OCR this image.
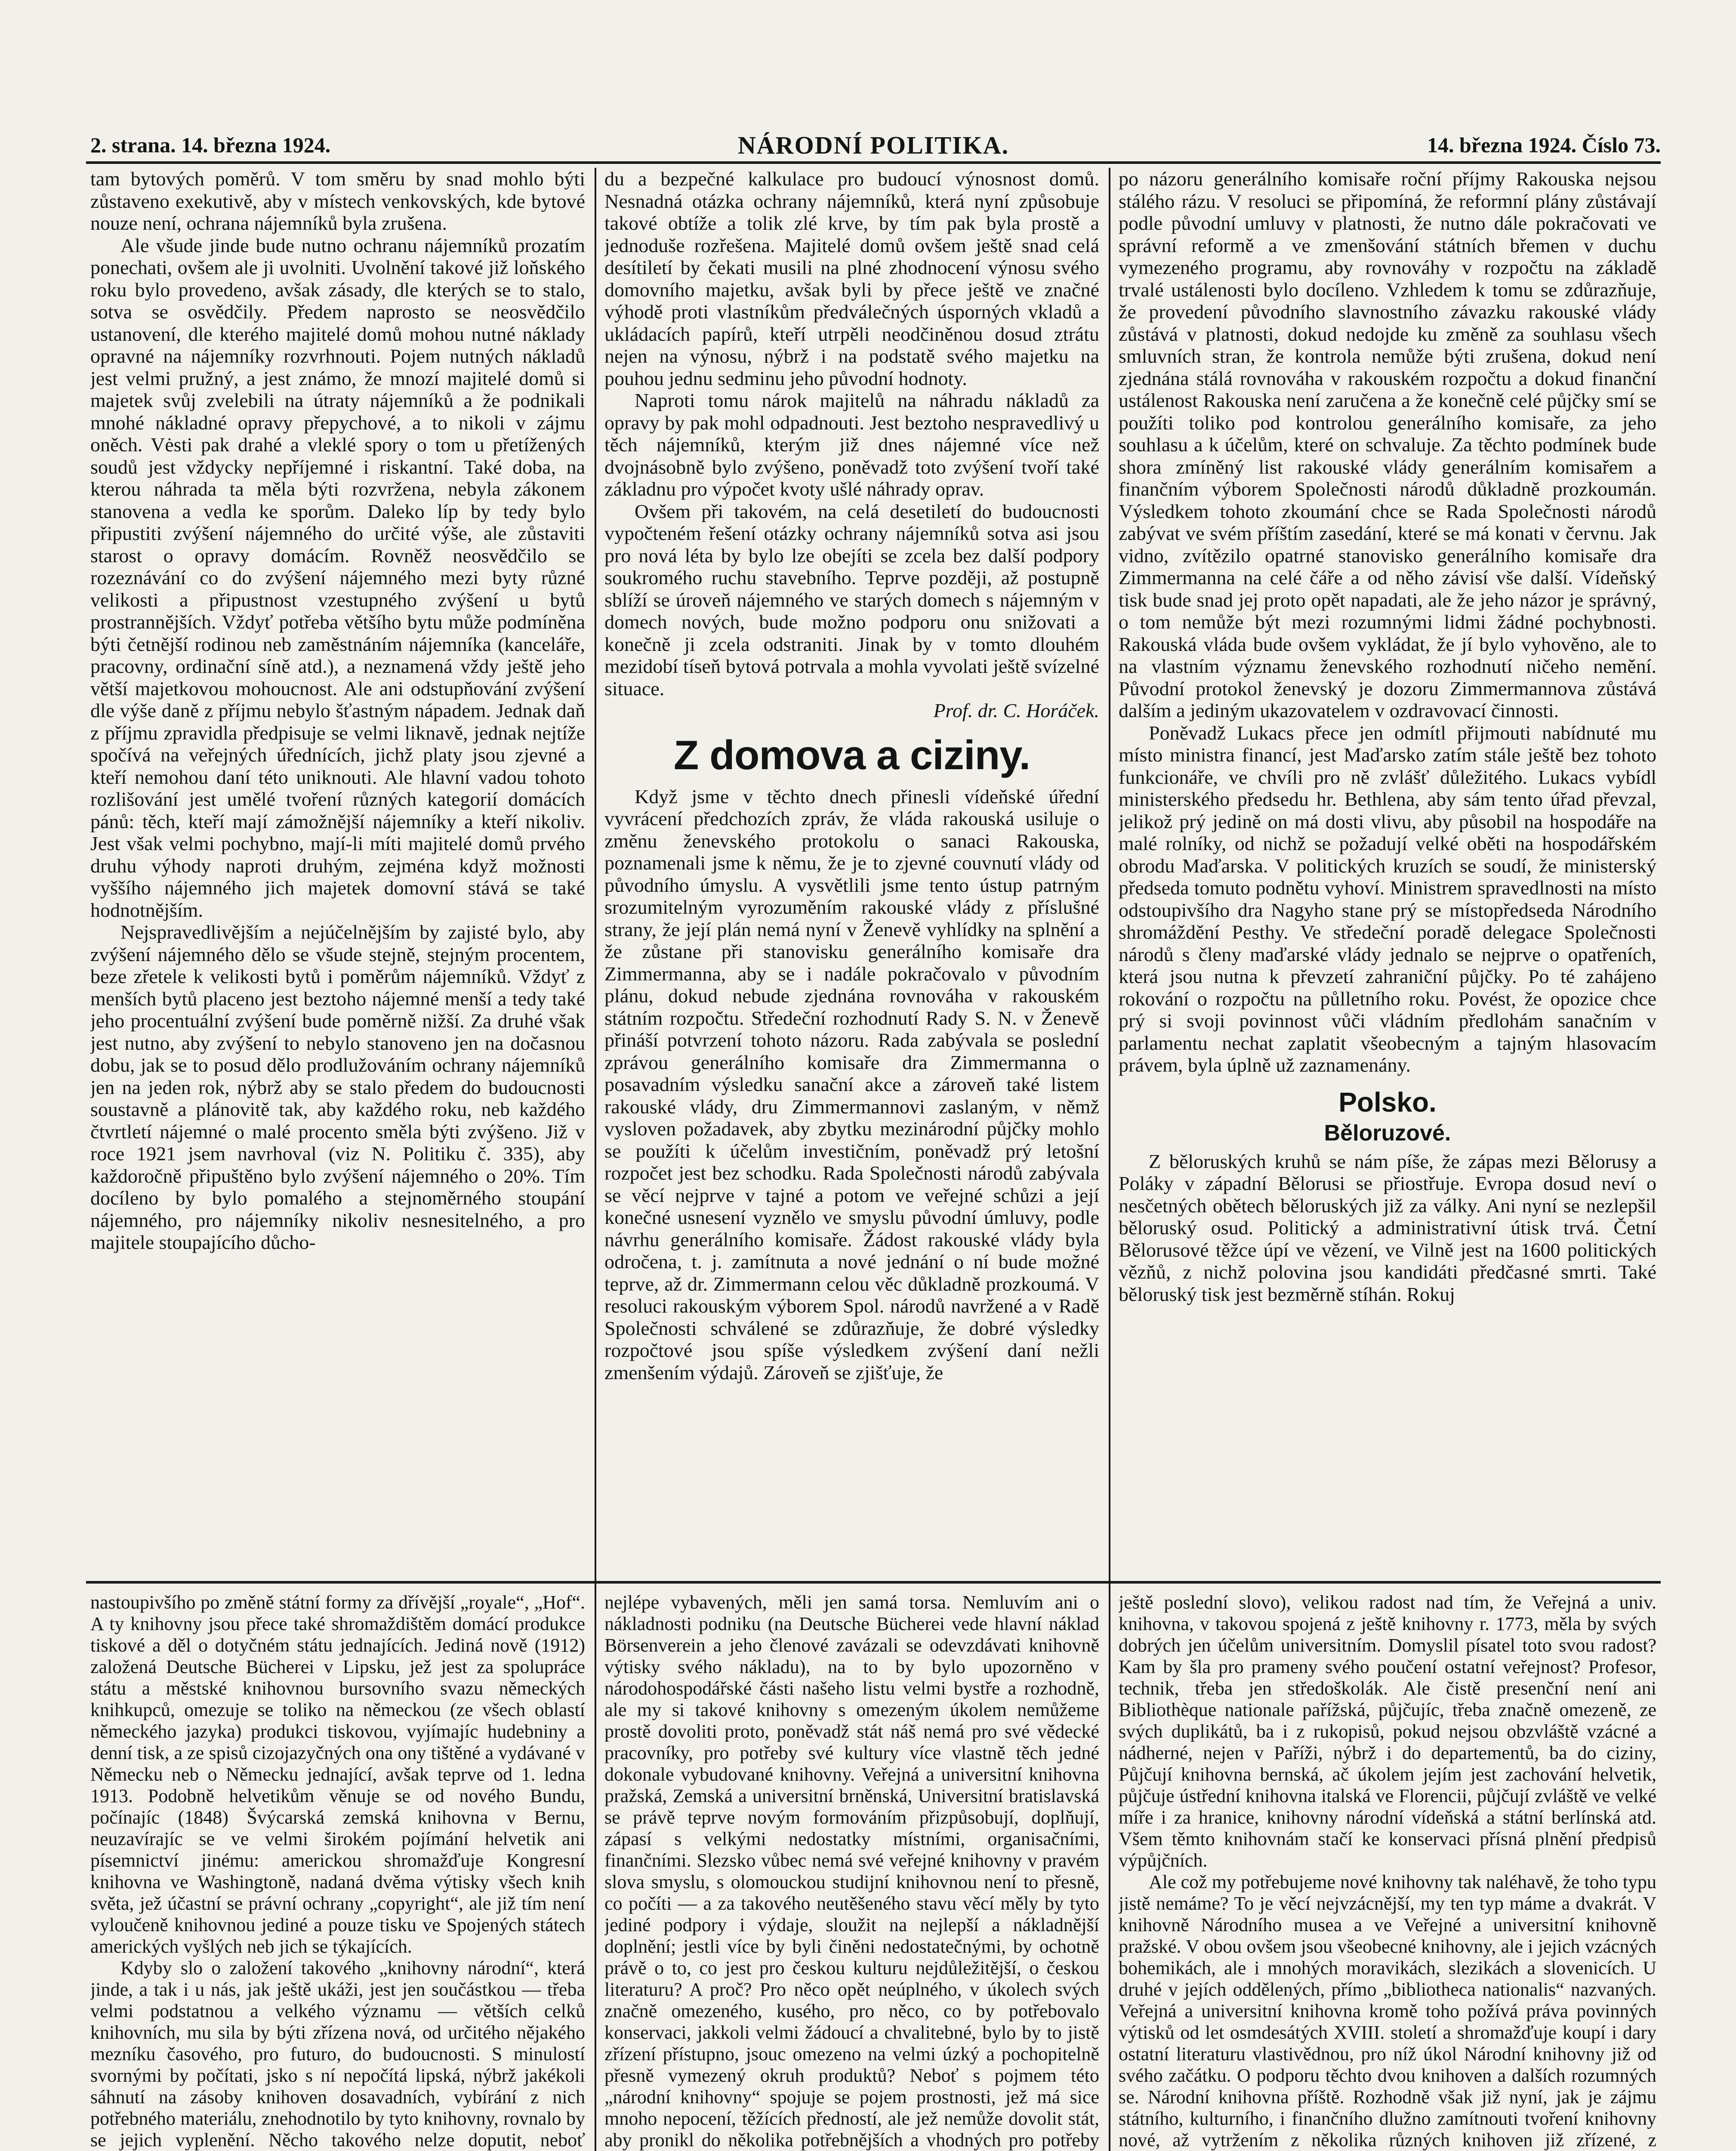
2. strana. 14. března 1924.	NÁRODNÍ POLITIKA.	14. března 1924. Číslo 73.

tam bytových poměrů. V tom směru by snad mohlo býti zůstaveno exekutivě, aby v místech venkovských, kde bytové nouze není, ochrana nájemníků byla zrušena.

Ale všude jinde bude nutno ochranu nájemníků prozatím ponechati, ovšem ale ji uvolniti. Uvolnění takové již loňského roku bylo provedeno, avšak zásady, dle kterých se to stalo, sotva se osvědčily. Předem naprosto se neosvědčilo ustanovení, dle kterého majitelé domů mohou nutné náklady opravné na nájemníky rozvrhnouti. Pojem nutných nákladů jest velmi pružný, a jest známo, že mnozí majitelé domů si majetek svůj zvelebili na útraty nájemníků a že podnikali mnohé nákladné opravy přepychové, a to nikoli v zájmu oněch. Vėsti pak drahé a vleklé spory o tom u přetížených soudů jest vždycky nepříjemné i riskantní. Také doba, na kterou náhrada ta měla býti rozvržena, nebyla zákonem stanovena a vedla ke sporům. Daleko líp by tedy bylo připustiti zvýšení nájemného do určité výše, ale zůstaviti starost o opravy domácím. Rovněž neosvědčilo se rozeznávání co do zvýšení nájemného mezi byty různé velikosti a připustnost vzestupného zvýšení u bytů prostrannějších. Vždyť potřeba většího bytu může podmíněna býti četnější rodinou neb zaměstnáním nájemníka (kanceláře, pracovny, ordinační síně atd.), a neznamená vždy ještě jeho větší majetkovou mohoucnost. Ale ani odstupňování zvýšení dle výše daně z příjmu nebylo šťastným nápadem. Jednak daň z příjmu zpravidla předpisuje se velmi liknavě, jednak nejtíže spočívá na veřejných úřednících, jichž platy jsou zjevné a kteří nemohou daní této uniknouti. Ale hlavní vadou tohoto rozlišování jest umělé tvoření různých kategorií domácích pánů: těch, kteří mají zámožnější nájemníky a kteří nikoliv. Jest však velmi pochybno, mají-li míti majitelé domů prvého druhu výhody naproti druhým, zejména když možnosti vyššího nájemného jich majetek domovní stává se také hodnotnějším.

Nejspravedlivějším a nejúčelnějším by zajisté bylo, aby zvýšení nájemného dělo se všude stejně, stejným procentem, beze zřetele k velikosti bytů i poměrům nájemníků. Vždyť z menších bytů placeno jest beztoho nájemné menší a tedy také jeho procentuální zvýšení bude poměrně nižší. Za druhé však jest nutno, aby zvýšení to nebylo stanoveno jen na dočasnou dobu, jak se to posud dělo prodlužováním ochrany nájemníků jen na jeden rok, nýbrž aby se stalo předem do budoucnosti soustavně a plánovitě tak, aby každého roku, neb každého čtvrtletí nájemné o malé procento směla býti zvýšeno. Již v roce 1921 jsem navrhoval (viz N. Politiku č. 335), aby každoročně připuštěno bylo zvýšení nájemného o 20%. Tím docíleno by bylo pomalého a stejnoměrného stoupání nájemného, pro nájemníky nikoliv nesnesitelného, a pro majitele stoupajícího důcho-

du a bezpečné kalkulace pro budoucí výnosnost domů. Nesnadná otázka ochrany nájemníků, která nyní způsobuje takové obtíže a tolik zlé krve, by tím pak byla prostě a jednoduše rozřešena. Majitelé domů ovšem ještě snad celá desítiletí by čekati musili na plné zhodnocení výnosu svého domovního majetku, avšak byli by přece ještě ve značné výhodě proti vlastníkům předválečných úsporných vkladů a ukládacích papírů, kteří utrpěli neodčiněnou dosud ztrátu nejen na výnosu, nýbrž i na podstatě svého majetku na pouhou jednu sedminu jeho původní hodnoty.

Naproti tomu nárok majitelů na náhradu nákladů za opravy by pak mohl odpadnouti. Jest beztoho nespravedlivý u těch nájemníků, kterým již dnes nájemné více než dvojnásobně bylo zvýšeno, poněvadž toto zvýšení tvoří také základnu pro výpočet kvoty ušlé náhrady oprav.

Ovšem při takovém, na celá desetiletí do budoucnosti vypočteném řešení otázky ochrany nájemníků sotva asi jsou pro nová léta by bylo lze obejíti se zcela bez další podpory soukromého ruchu stavebního. Teprve později, až postupně sblíží se úroveň nájemného ve starých domech s nájemným v domech nových, bude možno podporu onu snižovati a konečně ji zcela odstraniti. Jinak by v tomto dlouhém mezidobí tíseň bytová potrvala a mohla vyvolati ještě svízelné situace.

Prof. dr. C. Horáček.
Z domova a ciziny.

Když jsme v těchto dnech přinesli vídeňské úřední vyvrácení předchozích zpráv, že vláda rakouská usiluje o změnu ženevského protokolu o sanaci Rakouska, poznamenali jsme k němu, že je to zjevné couvnutí vlády od původního úmyslu. A vysvětlili jsme tento ústup patrným srozumitelným vyrozuměním rakouské vlády z příslušné strany, že její plán nemá nyní v Ženevě vyhlídky na splnění a že zůstane při stanovisku generálního komisaře dra Zimmermanna, aby se i nadále pokračovalo v původním plánu, dokud nebude zjednána rovnováha v rakouském státním rozpočtu. Středeční rozhodnutí Rady S. N. v Ženevě přináší potvrzení tohoto názoru. Rada zabývala se poslední zprávou generálního komisaře dra Zimmermanna o posavadním výsledku sanační akce a zároveň také listem rakouské vlády, dru Zimmermannovi zaslaným, v němž vysloven požadavek, aby zbytku mezinárodní půjčky mohlo se použíti k účelům investičním, poněvadž prý letošní rozpočet jest bez schodku. Rada Společnosti národů zabývala se věcí nejprve v tajné a potom ve veřejné schůzi a její konečné usnesení vyznělo ve smyslu původní úmluvy, podle návrhu generálního komisaře. Žádost rakouské vlády byla odročena, t. j. zamítnuta a nové jednání o ní bude možné teprve, až dr. Zimmermann celou věc důkladně prozkoumá. V resoluci rakouským výborem Spol. národů navržené a v Radě Společnosti schválené se zdůrazňuje, že dobré výsledky rozpočtové jsou spíše výsledkem zvýšení daní nežli zmenšením výdajů. Zároveň se zjišťuje, že

po názoru generálního komisaře roční příjmy Rakouska nejsou stálého rázu. V resoluci se připomíná, že reformní plány zůstávají podle původní umluvy v platnosti, že nutno dále pokračovati ve správní reformě a ve zmenšování státních břemen v duchu vymezeného programu, aby rovnováhy v rozpočtu na základě trvalé ustálenosti bylo docíleno. Vzhledem k tomu se zdůrazňuje, že provedení původního slavnostního závazku rakouské vlády zůstává v platnosti, dokud nedojde ku změně za souhlasu všech smluvních stran, že kontrola nemůže býti zrušena, dokud není zjednána stálá rovnováha v rakouském rozpočtu a dokud finanční ustálenost Rakouska není zaručena a že konečně celé půjčky smí se použíti toliko pod kontrolou generálního komisaře, za jeho souhlasu a k účelům, které on schvaluje. Za těchto podmínek bude shora zmíněný list rakouské vlády generálním komisařem a finančním výborem Společnosti národů důkladně prozkoumán. Výsledkem tohoto zkoumání chce se Rada Společnosti národů zabývat ve svém příštím zasedání, které se má konati v červnu. Jak vidno, zvítězilo opatrné stanovisko generálního komisaře dra Zimmermanna na celé čáře a od něho závisí vše další. Vídeňský tisk bude snad jej proto opět napadati, ale že jeho názor je správný, o tom nemůže být mezi rozumnými lidmi žádné pochybnosti. Rakouská vláda bude ovšem vykládat, že jí bylo vyhověno, ale to na vlastním významu ženevského rozhodnutí ničeho nemění. Původní protokol ženevský je dozoru Zimmermannova zůstává dalším a jediným ukazovatelem v ozdravovací činnosti.

Poněvadž Lukacs přece jen odmítl přijmouti nabídnuté mu místo ministra financí, jest Maďarsko zatím stále ještě bez tohoto funkcionáře, ve chvíli pro ně zvlášť důležitého. Lukacs vybídl ministerského předsedu hr. Bethlena, aby sám tento úřad převzal, jelikož prý jedině on má dosti vlivu, aby působil na hospodáře na malé rolníky, od nichž se požadují velké oběti na hospodářském obrodu Maďarska. V politických kruzích se soudí, že ministerský předseda tomuto podnětu vyhoví. Ministrem spravedlnosti na místo odstoupivšího dra Nagyho stane prý se místopředseda Národního shromáždění Pesthy. Ve středeční poradě delegace Společnosti národů s členy maďarské vlády jednalo se nejprve o opatřeních, která jsou nutna k převzetí zahraniční půjčky. Po té zahájeno rokování o rozpočtu na půlletního roku. Povést, že opozice chce prý si svoji povinnost vůči vládním předlohám sanačním v parlamentu nechat zaplatit všeobecným a tajným hlasovacím právem, byla úplně už zaznamenány.

Polsko.
Běloruzové.

Z běloruských kruhů se nám píše, že zápas mezi Bělorusy a Poláky v západní Bělorusi se přiostřuje. Evropa dosud neví o nesčetných obětech běloruských již za války. Ani nyní se nezlepšil běloruský osud. Politický a administrativní útisk trvá. Četní Bělorusové těžce úpí ve vězení, ve Vilně jest na 1600 politických vězňů, z nichž polovina jsou kandidáti předčasné smrti. Také běloruský tisk jest bezměrně stíhán. Rokuj

nastoupivšího po změně státní formy za dřívější „royale“, „Hof“. A ty knihovny jsou přece také shromaždištěm domácí produkce tiskové a děl o dotyčném státu jednajících. Jediná nově (1912) založená Deutsche Bücherei v Lipsku, jež jest za spolupráce státu a městské knihovnou bursovního svazu německých knihkupců, omezuje se toliko na německou (ze všech oblastí německého jazyka) produkci tiskovou, vyjímajíc hudebniny a denní tisk, a ze spisů cizojazyčných ona ony tištěné a vydávané v Německu neb o Německu jednající, avšak teprve od 1. ledna 1913. Podobně helvetikům věnuje se od nového Bundu, počínajíc (1848) Švýcarská zemská knihovna v Bernu, neuzavírajíc se ve velmi širokém pojímání helvetik ani písemnictví jinému: americkou shromažďuje Kongresní knihovna ve Washingtoně, nadaná dvěma výtisky všech knih světa, jež účastní se právní ochrany „copyright“, ale již tím není vyloučeně knihovnou jediné a pouze tisku ve Spojených státech amerických vyšlých neb jich se týkajících.

Kdyby slo o založení takového „knihovny národní“, která jinde, a tak i u nás, jak ještě ukáži, jest jen součástkou — třeba velmi podstatnou a velkého významu — větších celků knihovních, mu sila by býti zřízena nová, od určitého nějakého mezníku časového, pro futuro, do budoucnosti. S minulostí svornými by počítati, jsko s ní nepočítá lipská, nýbrž jakékoli sáhnutí na zásoby knihoven dosavadních, vybírání z nich potřebného materiálu, znehodnotilo by tyto knihovny, rovnalo by se jejich vyplenění. Něcho takového nelze doputit, neboť

nejlépe vybavených, měli jen samá torsa. Nemluvím ani o nákladnosti podniku (na Deutsche Bücherei vede hlavní náklad Börsenverein a jeho členové zavázali se odevzdávati knihovně výtisky svého nákladu), na to by bylo upozorněno v národohospodářské části našeho listu velmi bystře a rozhodně, ale my si takové knihovny s omezeným úkolem nemůžeme prostě dovoliti proto, poněvadž stát náš nemá pro své vědecké pracovníky, pro potřeby své kultury více vlastně těch jedné dokonale vybudované knihovny. Veřejná a universitní knihovna pražská, Zemská a universitní brněnská, Universitní bratislavská se právě teprve novým formováním přizpůsobují, doplňují, zápasí s velkými nedostatky místními, organisačními, finančními. Slezsko vůbec nemá své veřejné knihovny v pravém slova smyslu, s olomouckou studijní knihovnou není to přesně, co počíti — a za takového neutěšeného stavu věcí měly by tyto jediné podpory i výdaje, sloužit na nejlepší a nákladnější doplnění; jestli více by byli činěni nedostatečnými, by ochotně právě o to, co jest pro českou kulturu nejdůležitější, o českou literaturu? A proč? Pro něco opět neúplného, v úkolech svých značně omezeného, kusého, pro něco, co by potřebovalo konservaci, jakkoli velmi žádoucí a chvalitebné, bylo by to jistě zřízení přístupno, jsouc omezeno na velmi úzký a pochopitelně přesně vymezený okruh produktů? Neboť s pojmem této „národní knihovny“ spojuje se pojem prostnosti, jež má sice mnoho nepocení, těžících předností, ale jež nemůže dovolit stát, aby pronikl do několika potřebnějších a vhodných pro potřeby

ještě poslední slovo), velikou radost nad tím, že Veřejná a univ. knihovna, v takovou spojená z ještě knihovny r. 1773, měla by svých dobrých jen účelům universitním. Domyslil písatel toto svou radost? Kam by šla pro prameny svého poučení ostatní veřejnost? Profesor, technik, třeba jen středoškolák. Ale čistě presenční není ani Bibliothèque nationale pařížská, půjčujíc, třeba značně omezeně, ze svých duplikátů, ba i z rukopisů, pokud nejsou obzvláště vzácné a nádherné, nejen v Paříži, nýbrž i do departementů, ba do ciziny, Půjčují knihovna bernská, ač úkolem jejím jest zachování helvetik, půjčuje ústřední knihovna italská ve Florencii, půjčují zvláště ve velké míře i za hranice, knihovny národní vídeňská a státní berlínská atd. Všem těmto knihovnám stačí ke konservaci přísná plnění předpisů výpůjčních.

Ale což my potřebujeme nové knihovny tak naléhavě, že toho typu jistě nemáme? To je věcí nejvzácnější, my ten typ máme a dvakrát. V knihovně Národního musea a ve Veřejné a universitní knihovně pražské. V obou ovšem jsou všeobecné knihovny, ale i jejich vzácných bohemikách, ale i mnohých moravikách, slezikách a slovenicích. U druhé v jejích oddělených, přímo „bibliotheca nationalis“ nazvaných. Veřejná a universitní knihovna kromě toho požívá práva povinných výtisků od let osmdesátých XVIII. století a shromažďuje koupí i dary ostatní literaturu vlastivědnou, pro níž úkol Národní knihovny již od svého začátku. O podporu těchto dvou knihoven a dalších rozumných se. Národní knihovna příště. Rozhodně však již nyní, jak je zájmu státního, kulturního, i finančního dlužno zamítnouti tvoření knihovny nové, až vytržením z několika různých knihoven již zřízené, z
